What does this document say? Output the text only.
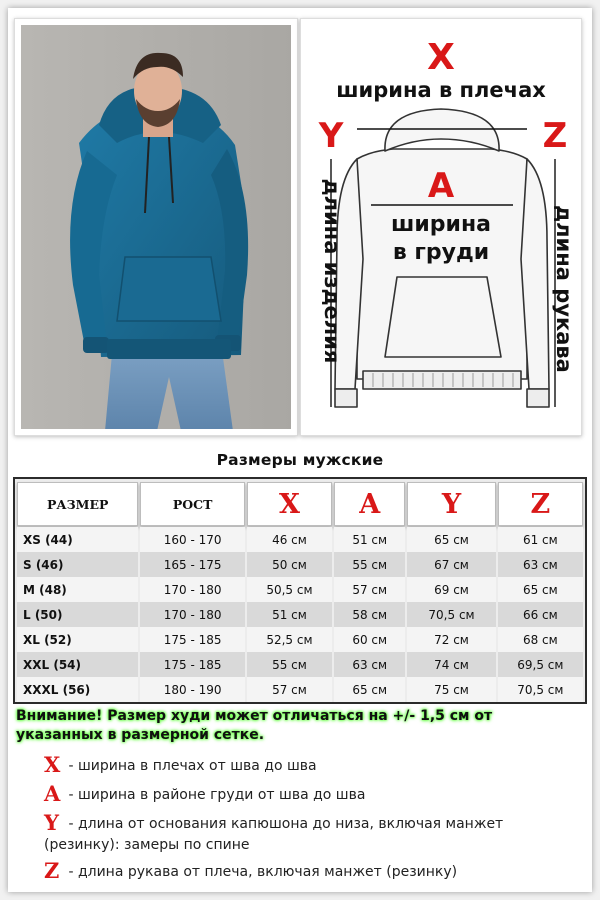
X
ширина в плечах
Y	Z
A
ширина
в груди
длина изделия	длина рукава
Размеры мужские
РАЗМЕР	РОСТ	X	A	Y	Z

XS (44)	160 - 170	46 см	51 см	65 см	61 см
S (46)	165 - 175	50 см	55 см	67 см	63 см
M (48)	170 - 180	50,5 см	57 см	69 см	65 см
L (50)	170 - 180	51 см	58 см	70,5 см	66 см
XL (52)	175 - 185	52,5 см	60 см	72 см	68 см
XXL (54)	175 - 185	55 см	63 см	74 см	69,5 см
XXXL (56)	180 - 190	57 см	65 см	75 см	70,5 см
Внимание! Размер худи может отличаться на +/- 1,5 см от указанных в размерной сетке.
X - ширина в плечах от шва до шва
A - ширина в районе груди от шва до шва
Y - длина от основания капюшона до низа, включая манжет (резинку): замеры по спине
Z - длина рукава от плеча, включая манжет (резинку)
